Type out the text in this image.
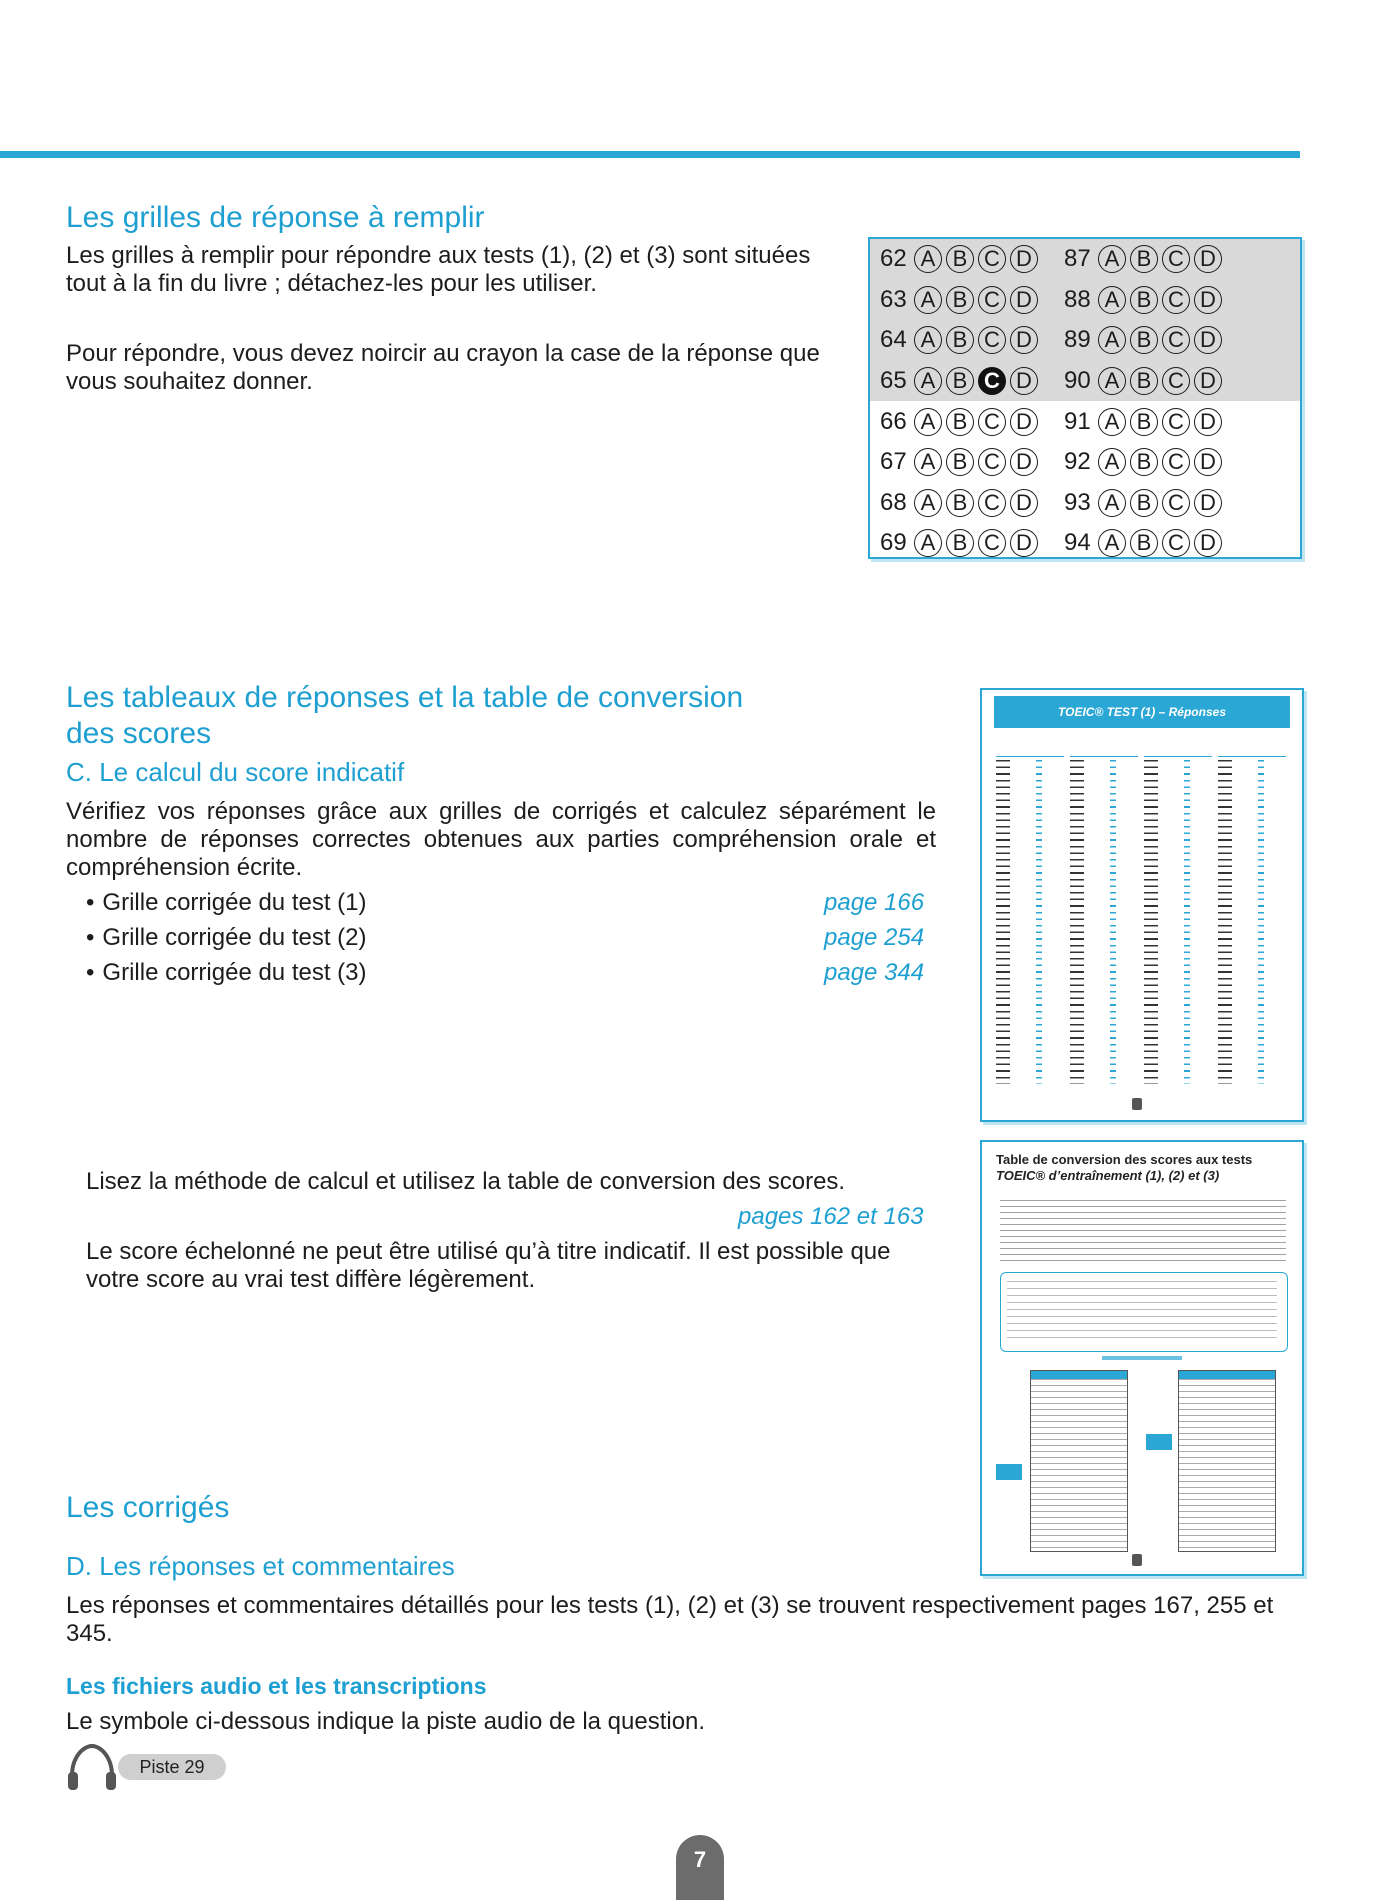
Les grilles de réponse à remplir

Les grilles à remplir pour répondre aux tests (1), (2) et (3) sont situées tout à la fin du livre ; détachez-les pour les utiliser.

Pour répondre, vous devez noircir au crayon la case de la réponse que vous souhaitez donner.

62 A B C D 87 A B C D
63 A B C D 88 A B C D
64 A B C D 89 A B C D
65 A B C D 90 A B C D
66 A B C D 91 A B C D
67 A B C D 92 A B C D
68 A B C D 93 A B C D
69 A B C D 94 A B C D
Les tableaux de réponses et la table de conversion
des scores
C. Le calcul du score indicatif

Vérifiez vos réponses grâce aux grilles de corrigés et calculez séparément le nombre de réponses correctes obtenues aux parties compréhension orale et compréhension écrite.

• Grille corrigée du test (1)	page 166
• Grille corrigée du test (2)	page 254
• Grille corrigée du test (3)	page 344

Lisez la méthode de calcul et utilisez la table de conversion des scores.

pages 162 et 163

Le score échelonné ne peut être utilisé qu’à titre indicatif. Il est possible que votre score au vrai test diffère légèrement.

TOEIC® TEST (1) – Réponses
Table de conversion des scores aux tests
TOEIC® d’entraînement (1), (2) et (3)
Les corrigés
D. Les réponses et commentaires

Les réponses et commentaires détaillés pour les tests (1), (2) et (3) se trouvent respectivement pages 167, 255 et 345.

Les fichiers audio et les transcriptions

Le symbole ci-dessous indique la piste audio de la question.

Piste 29
7
